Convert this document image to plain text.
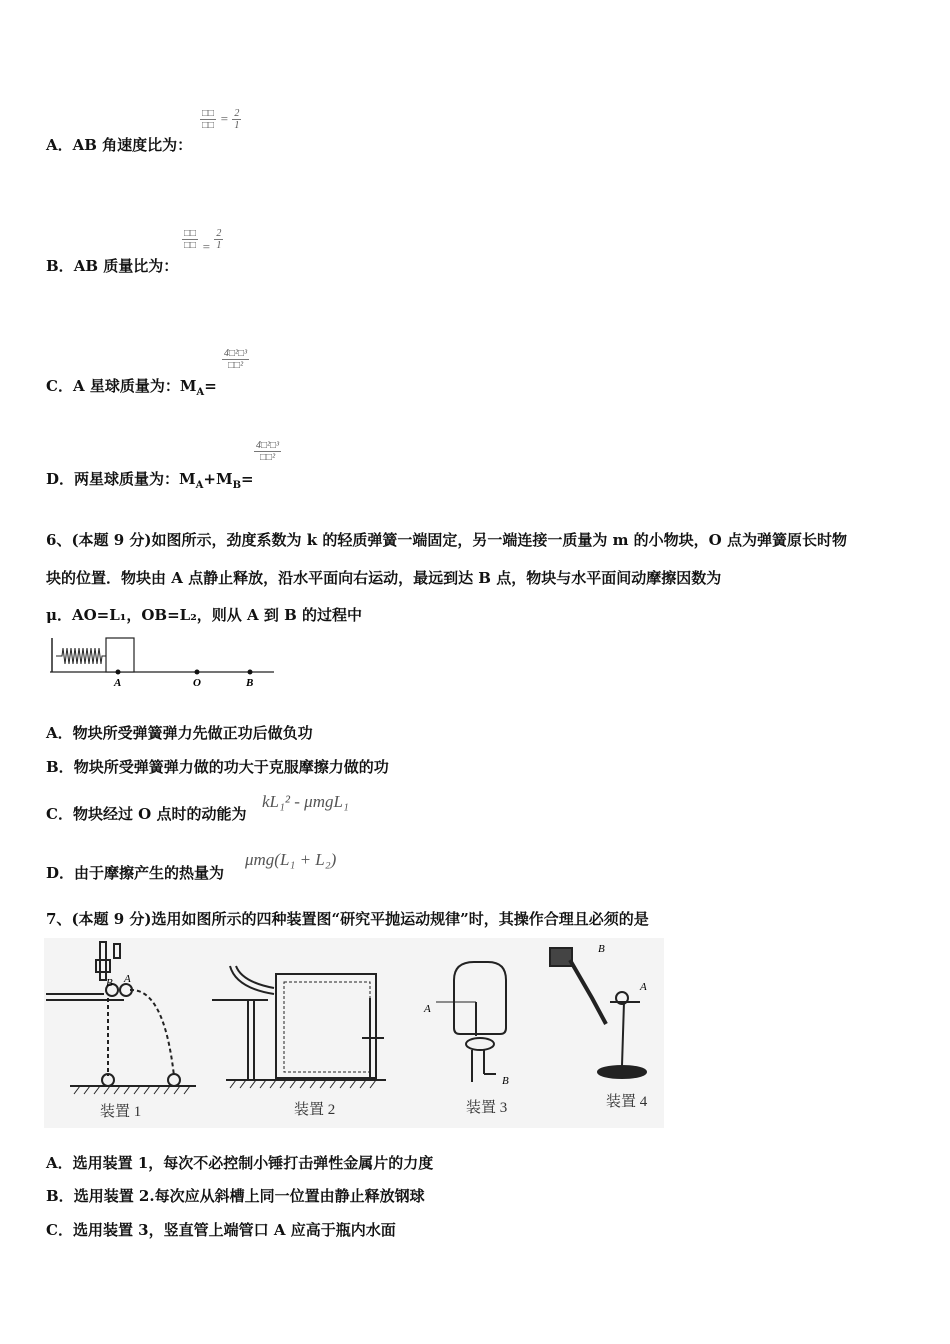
A．AB 角速度比为：
$\frac{□□}{□□} = \frac{2}{1}$
B．AB 质量比为：
$\frac{□□}{□□} = \frac{2}{1}$
C．A 星球质量为：$M_A=$
$\frac{\text{4□²□³}}{\text{□□²}}$
D．两星球质量为：$M_A+M_B=$
$\frac{\text{4□²□³}}{\text{□□²}}$
6、(本题 9 分)如图所示，劲度系数为 k 的轻质弹簧一端固定，另一端连接一质量为 m 的小物块，O 点为弹簧原长时物
块的位置．物块由 A 点静止释放，沿水平面向右运动，最远到达 B 点，物块与水平面间动摩擦因数为
μ．AO=L₁，OB=L₂，则从 A 到 B 的过程中
A	O	B
A．物块所受弹簧弹力先做正功后做负功
B．物块所受弹簧弹力做的功大于克服摩擦力做的功
C．物块经过 O 点时的动能为
kL₁² - μmgL₁
D．由于摩擦产生的热量为
μmg(L₁ + L₂)
7、(本题 9 分)选用如图所示的四种装置图“研究平抛运动规律”时，其操作合理且必须的是
B A
装置 1	装置 2
A
B
装置 3
B
A
装置 4
A．选用装置 1，每次不必控制小锤打击弹性金属片的力度
B．选用装置 2.每次应从斜槽上同一位置由静止释放钢球
C．选用装置 3，竖直管上端管口 A 应高于瓶内水面
